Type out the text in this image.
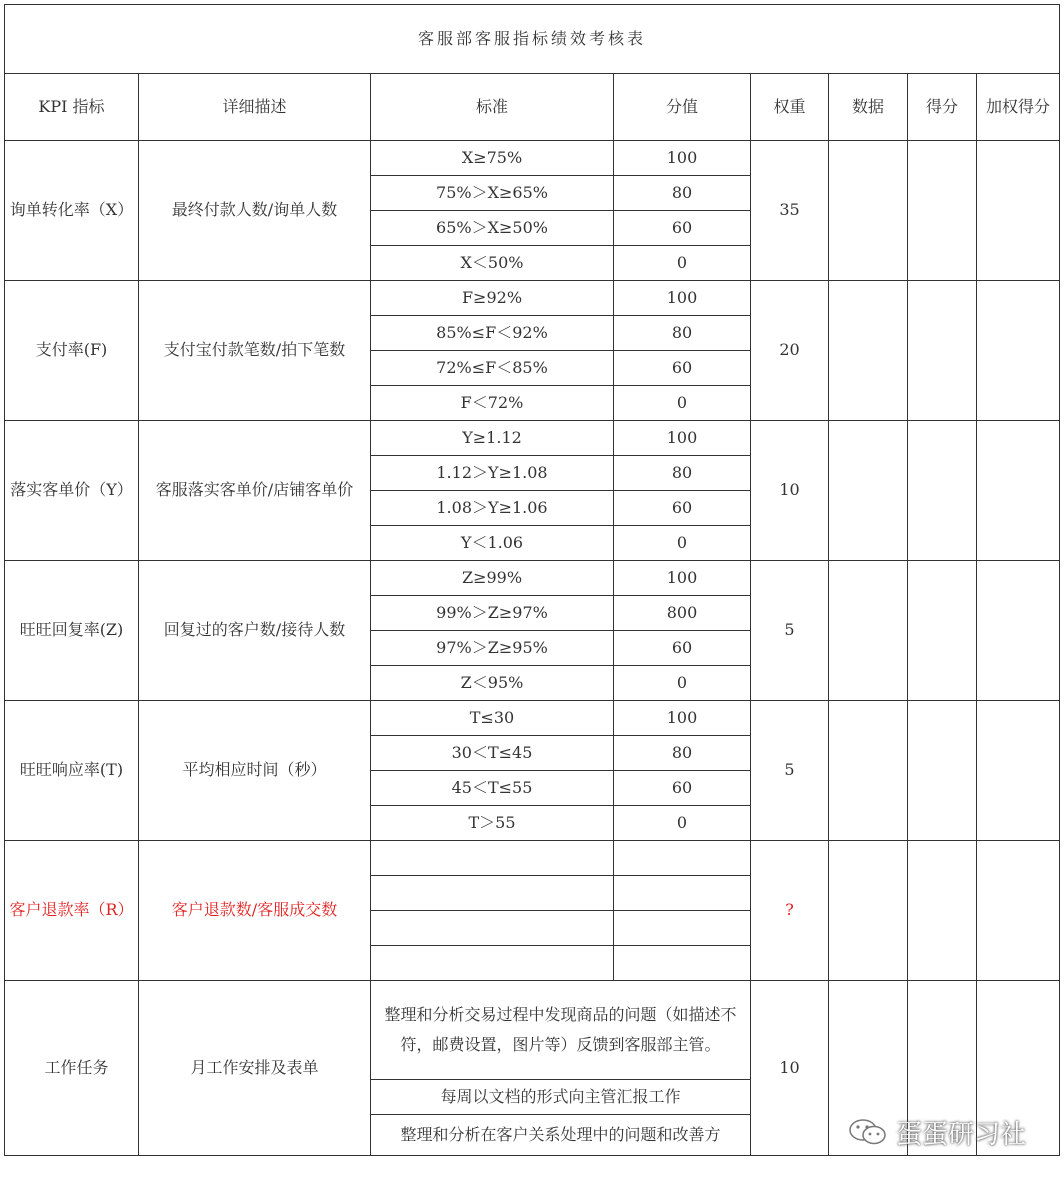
客服部客服指标绩效考核表							
KPI 指标	详细描述	标准	分值	权重	数据	得分	加权得分
询单转化率（X）	最终付款人数/询单人数	X≥75%	100	35			
		75%＞X≥65%	80				
		65%＞X≥50%	60				
		X＜50%	0				
支付率(F)	支付宝付款笔数/拍下笔数	F≥92%	100	20			
		85%≤F＜92%	80				
		72%≤F＜85%	60				
		F＜72%	0				
落实客单价（Y）	客服落实客单价/店铺客单价	Y≥1.12	100	10			
		1.12＞Y≥1.08	80				
		1.08＞Y≥1.06	60				
		Y＜1.06	0				
旺旺回复率(Z)	回复过的客户数/接待人数	Z≥99%	100	5			
		99%＞Z≥97%	800				
		97%＞Z≥95%	60				
		Z＜95%	0				
旺旺响应率(T)	平均相应时间（秒）	T≤30	100	5			
		30＜T≤45	80				
		45＜T≤55	60				
		T＞55	0				
客户退款率（R）	客户退款数/客服成交数			?			

工作任务	月工作安排及表单	整理和分析交易过程中发现商品的问题（如描述不符，邮费设置，图片等）反馈到客服部主管。		10			
		每周以文档的形式向主管汇报工作					
		整理和分析在客户关系处理中的问题和改善方						蛋蛋研习社
